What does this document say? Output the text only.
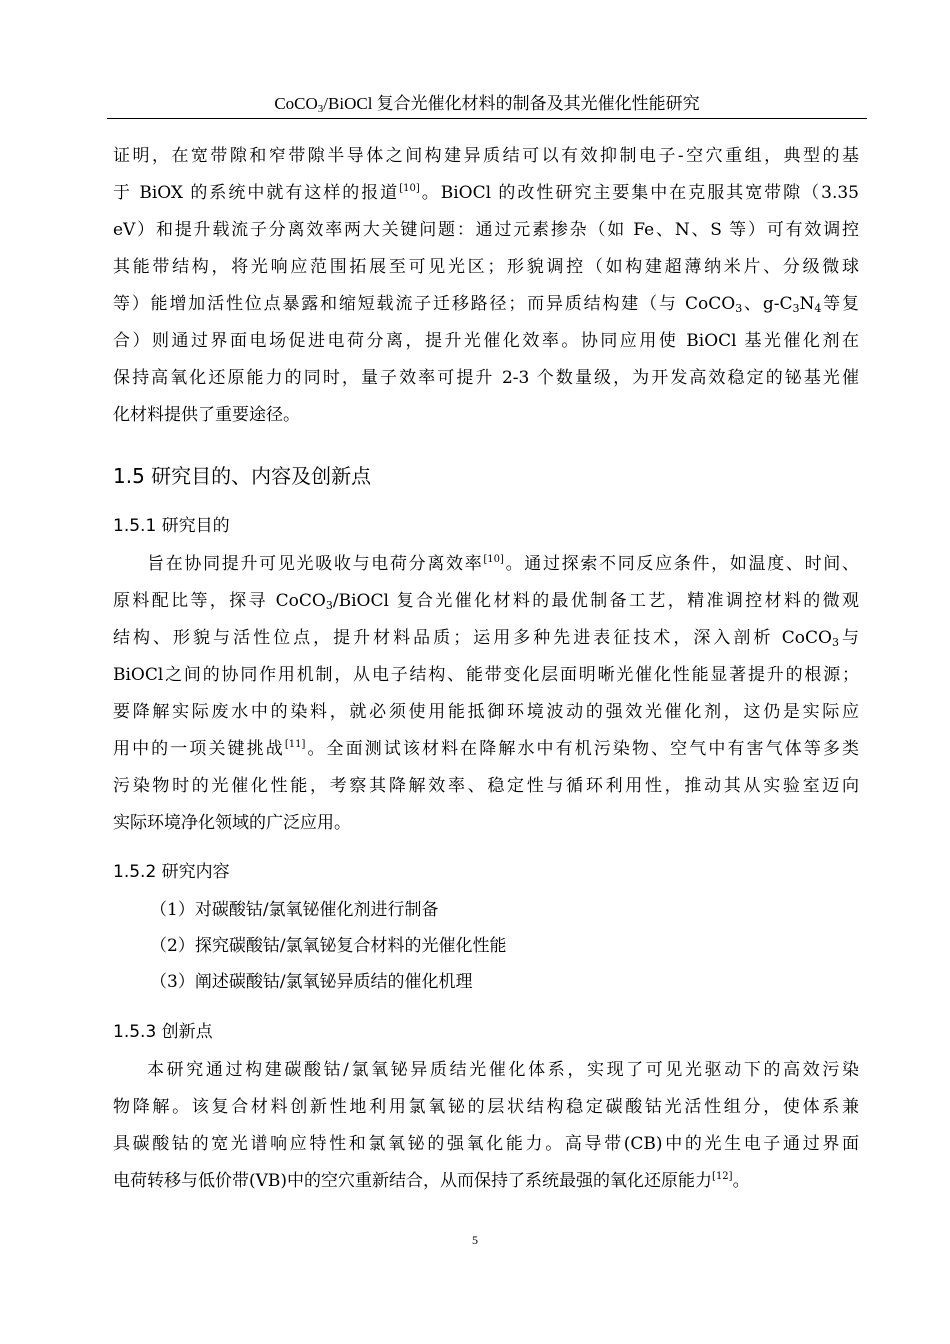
CoCO$_3$/BiOCl 复合光催化材料的制备及其光催化性能研究
证明，在宽带隙和窄带隙半导体之间构建异质结可以有效抑制电子-空穴重组，典型的基
于 BiOX 的系统中就有这样的报道[10]。BiOCl 的改性研究主要集中在克服其宽带隙（3.35
eV）和提升载流子分离效率两大关键问题：通过元素掺杂（如 Fe、N、S 等）可有效调控
其能带结构，将光响应范围拓展至可见光区；形貌调控（如构建超薄纳米片、分级微球
等）能增加活性位点暴露和缩短载流子迁移路径；而异质结构建（与 CoCO$_3$、$g-C_3N_4$等复
合）则通过界面电场促进电荷分离，提升光催化效率。协同应用使 BiOCl 基光催化剂在
保持高氧化还原能力的同时，量子效率可提升 2-3 个数量级，为开发高效稳定的铋基光催
化材料提供了重要途径。
1.5 研究目的、内容及创新点
1.5.1 研究目的
旨在协同提升可见光吸收与电荷分离效率[10]。通过探索不同反应条件，如温度、时间、
原料配比等，探寻 CoCO$_3$/BiOCl 复合光催化材料的最优制备工艺，精准调控材料的微观
结构、形貌与活性位点，提升材料品质；运用多种先进表征技术，深入剖析 CoCO$_3$与
BiOCl之间的协同作用机制，从电子结构、能带变化层面明晰光催化性能显著提升的根源；
要降解实际废水中的染料，就必须使用能抵御环境波动的强效光催化剂，这仍是实际应
用中的一项关键挑战[11]。全面测试该材料在降解水中有机污染物、空气中有害气体等多类
污染物时的光催化性能，考察其降解效率、稳定性与循环利用性，推动其从实验室迈向
实际环境净化领域的广泛应用。
1.5.2 研究内容
（1）对碳酸钴/氯氧铋催化剂进行制备
（2）探究碳酸钴/氯氧铋复合材料的光催化性能
（3）阐述碳酸钴/氯氧铋异质结的催化机理
1.5.3 创新点
本研究通过构建碳酸钴/氯氧铋异质结光催化体系，实现了可见光驱动下的高效污染
物降解。该复合材料创新性地利用氯氧铋的层状结构稳定碳酸钴光活性组分，使体系兼
具碳酸钴的宽光谱响应特性和氯氧铋的强氧化能力。高导带(CB)中的光生电子通过界面
电荷转移与低价带(VB)中的空穴重新结合，从而保持了系统最强的氧化还原能力[12]。
5
